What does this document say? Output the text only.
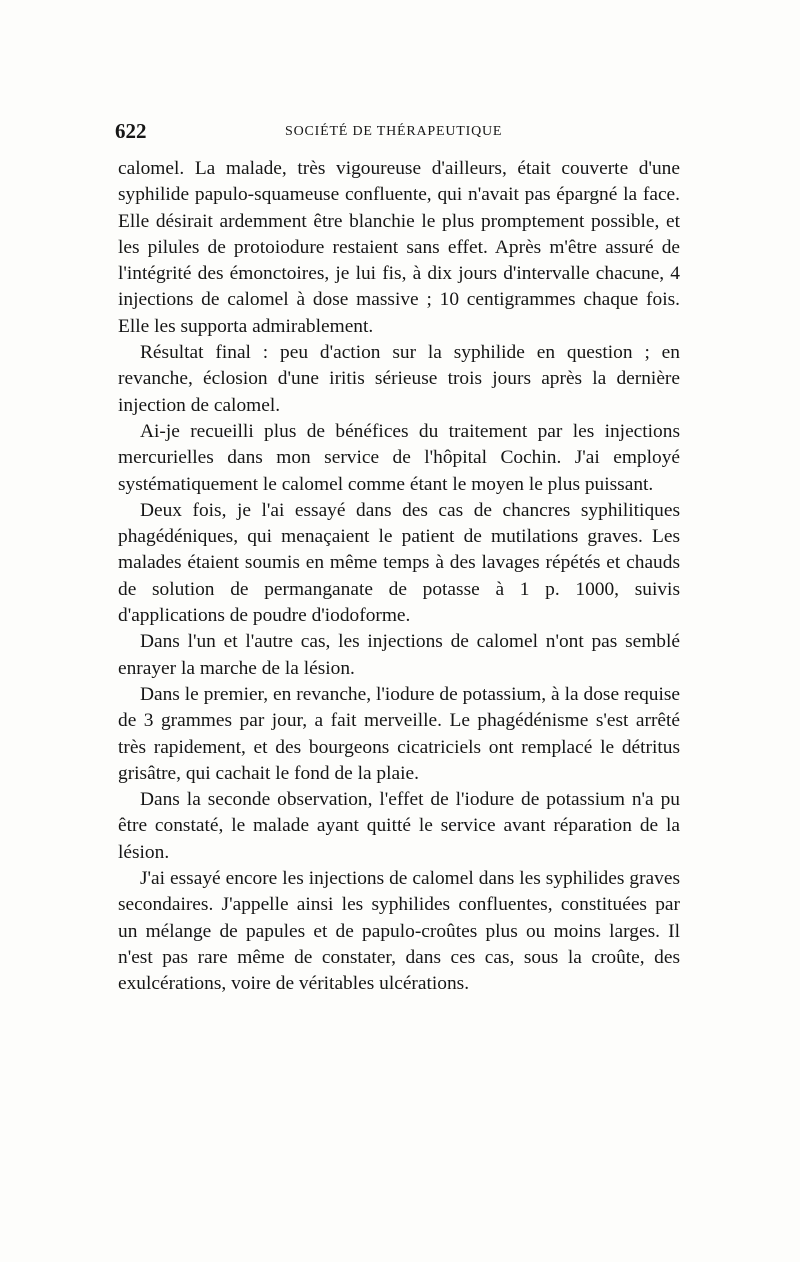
622	SOCIÉTÉ DE THÉRAPEUTIQUE

calomel. La malade, très vigoureuse d'ailleurs, était couverte d'une syphilide papulo-squameuse confluente, qui n'avait pas épargné la face. Elle désirait ardemment être blanchie le plus promptement possible, et les pilules de protoiodure restaient sans effet. Après m'être assuré de l'intégrité des émonctoires, je lui fis, à dix jours d'intervalle chacune, 4 injections de calomel à dose massive ; 10 centigrammes chaque fois. Elle les supporta admirablement.

Résultat final : peu d'action sur la syphilide en question ; en revanche, éclosion d'une iritis sérieuse trois jours après la dernière injection de calomel.

Ai-je recueilli plus de bénéfices du traitement par les injections mercurielles dans mon service de l'hôpital Cochin. J'ai employé systématiquement le calomel comme étant le moyen le plus puissant.

Deux fois, je l'ai essayé dans des cas de chancres syphilitiques phagédéniques, qui menaçaient le patient de mutilations graves. Les malades étaient soumis en même temps à des lavages répétés et chauds de solution de permanganate de potasse à 1 p. 1000, suivis d'applications de poudre d'iodoforme.

Dans l'un et l'autre cas, les injections de calomel n'ont pas semblé enrayer la marche de la lésion.

Dans le premier, en revanche, l'iodure de potassium, à la dose requise de 3 grammes par jour, a fait merveille. Le phagédénisme s'est arrêté très rapidement, et des bourgeons cicatriciels ont remplacé le détritus grisâtre, qui cachait le fond de la plaie.

Dans la seconde observation, l'effet de l'iodure de potassium n'a pu être constaté, le malade ayant quitté le service avant réparation de la lésion.

J'ai essayé encore les injections de calomel dans les syphilides graves secondaires. J'appelle ainsi les syphilides confluentes, constituées par un mélange de papules et de papulo-croûtes plus ou moins larges. Il n'est pas rare même de constater, dans ces cas, sous la croûte, des exulcérations, voire de véritables ulcérations.
